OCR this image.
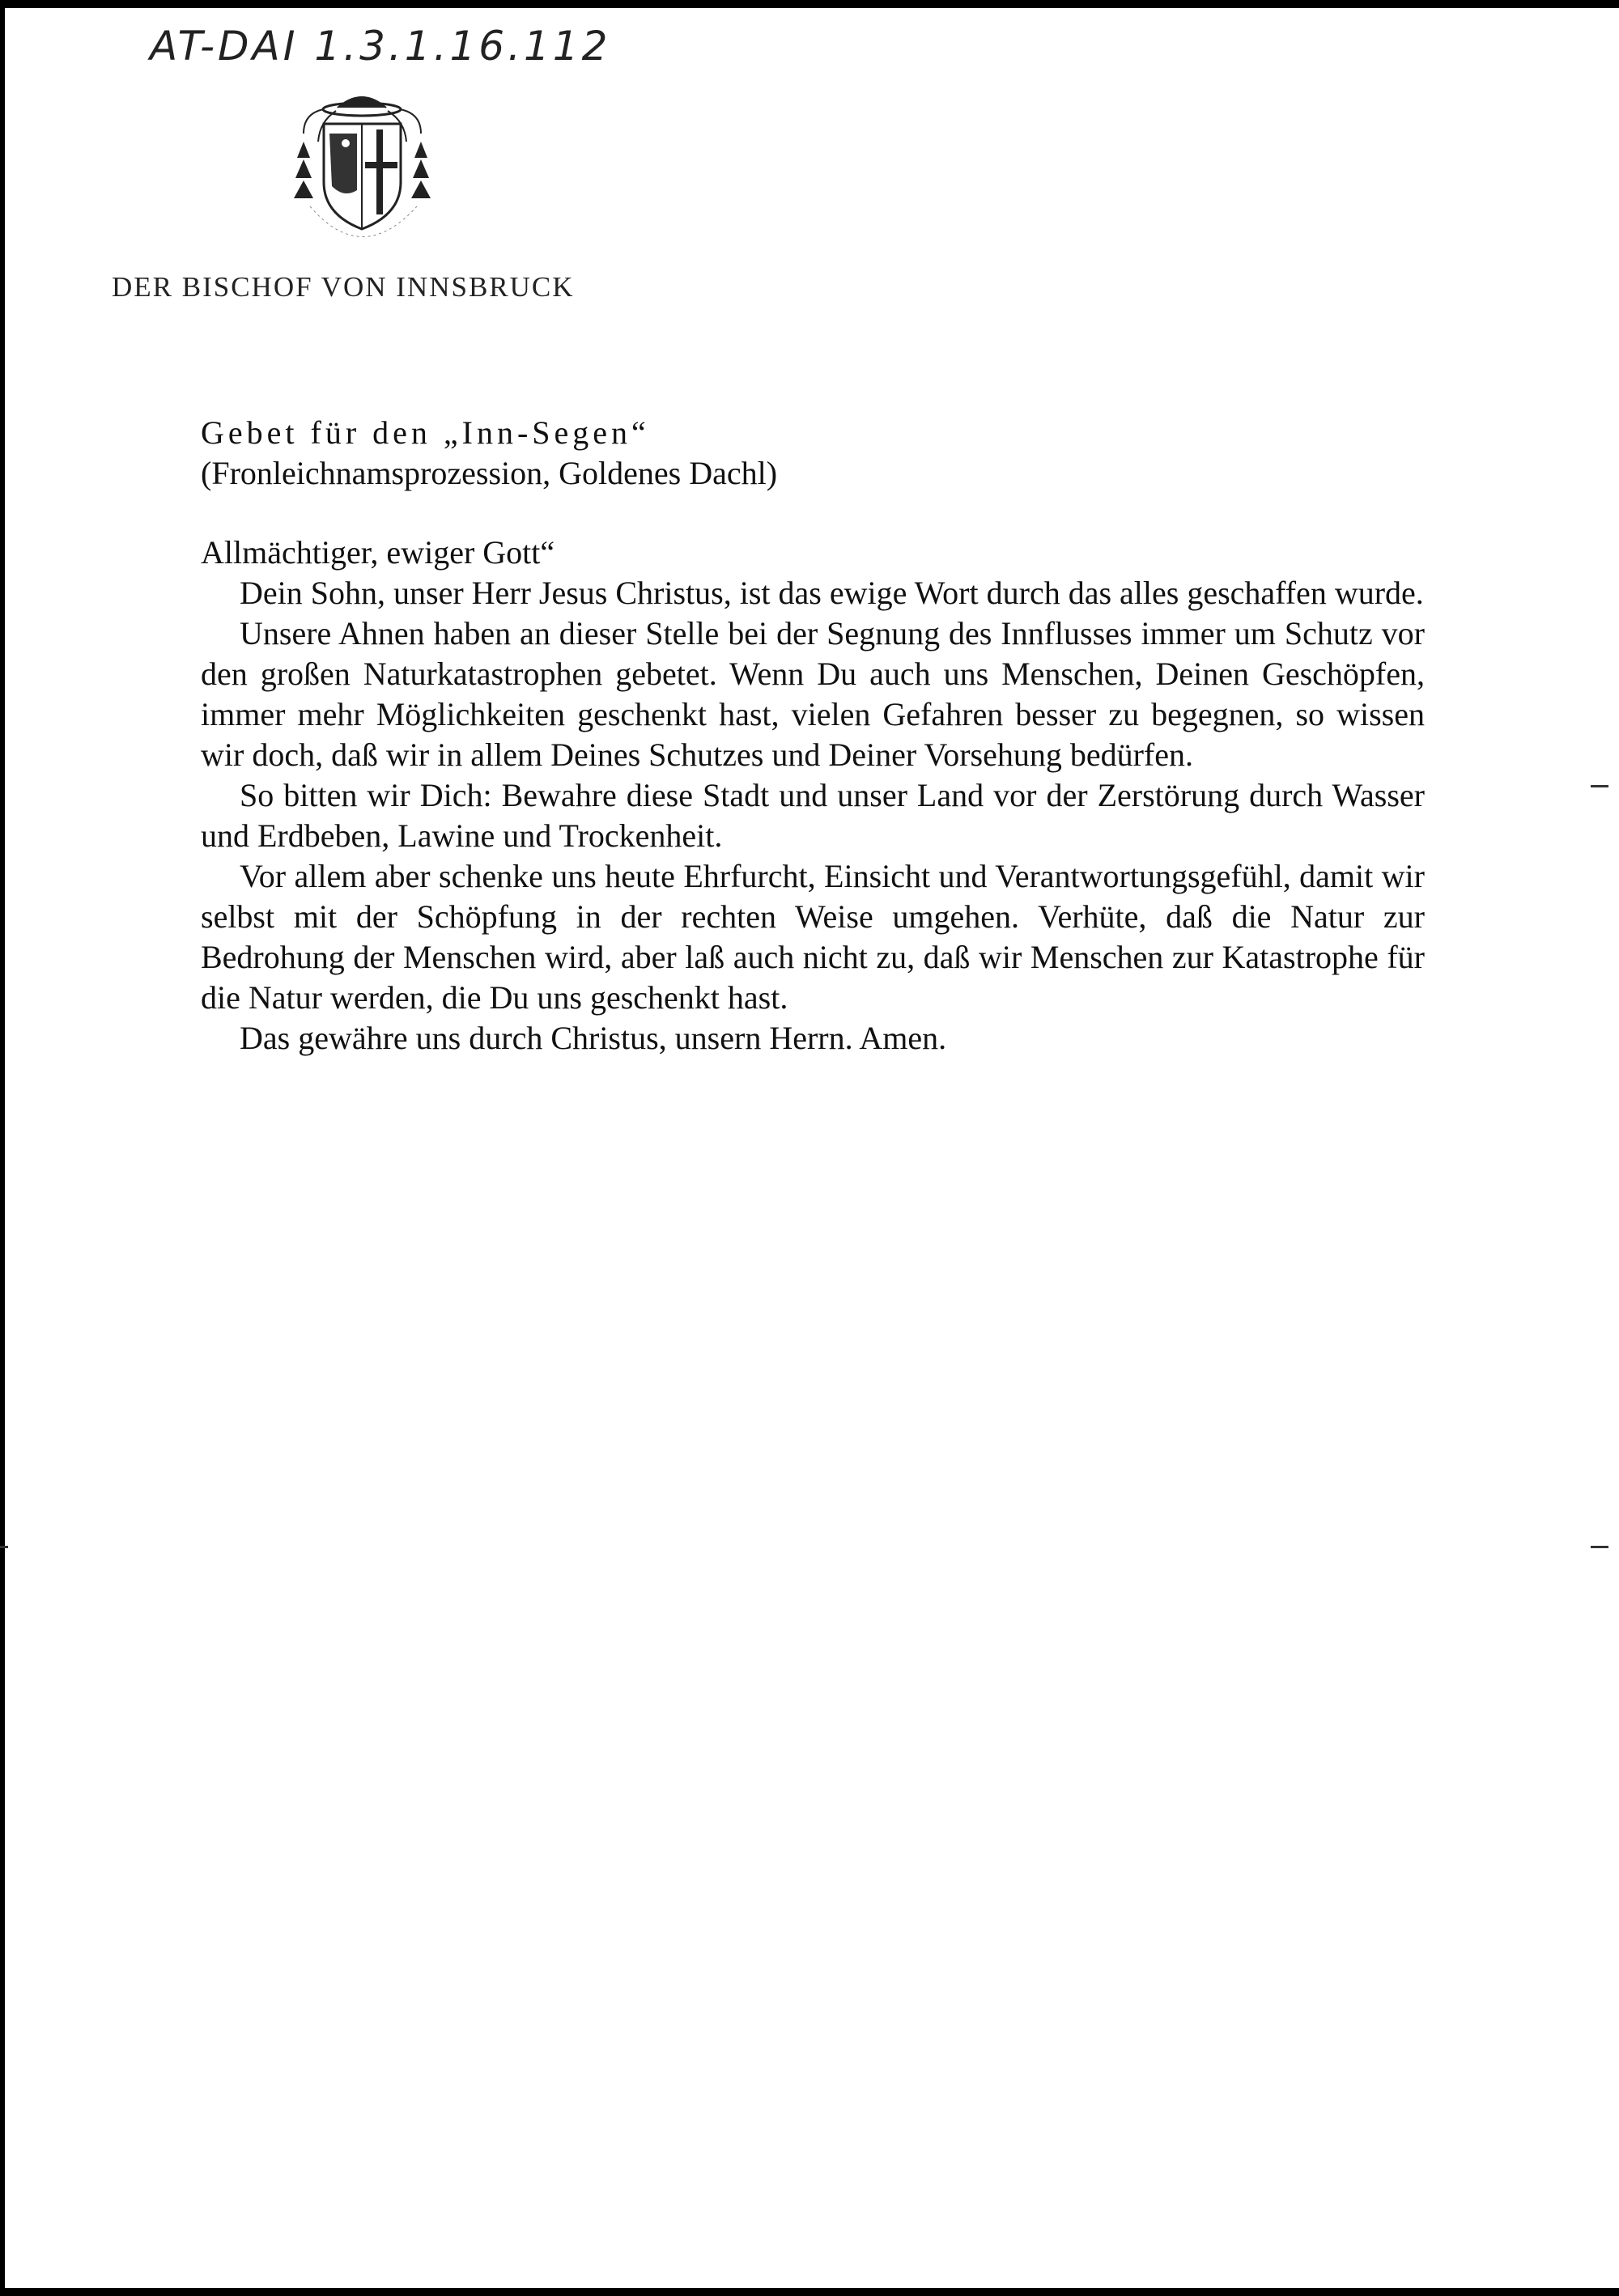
AT-DAI 1.3.1.16.112
DER BISCHOF VON INNSBRUCK

Gebet für den „Inn-Segen“

(Fronleichnamsprozession, Goldenes Dachl)

Allmächtiger, ewiger Gott“

Dein Sohn, unser Herr Jesus Christus, ist das ewige Wort durch das alles geschaffen wurde.

Unsere Ahnen haben an dieser Stelle bei der Segnung des Innflusses immer um Schutz vor den großen Naturkatastrophen gebetet. Wenn Du auch uns Menschen, Deinen Geschöpfen, immer mehr Möglichkeiten geschenkt hast, vielen Gefahren besser zu begegnen, so wissen wir doch, daß wir in allem Deines Schutzes und Deiner Vorsehung bedürfen.

So bitten wir Dich: Bewahre diese Stadt und unser Land vor der Zerstörung durch Wasser und Erdbeben, Lawine und Trockenheit.

Vor allem aber schenke uns heute Ehrfurcht, Einsicht und Verantwortungsgefühl, damit wir selbst mit der Schöpfung in der rechten Weise umgehen. Verhüte, daß die Natur zur Bedrohung der Menschen wird, aber laß auch nicht zu, daß wir Menschen zur Katastrophe für die Natur werden, die Du uns geschenkt hast.

Das gewähre uns durch Christus, unsern Herrn. Amen.
